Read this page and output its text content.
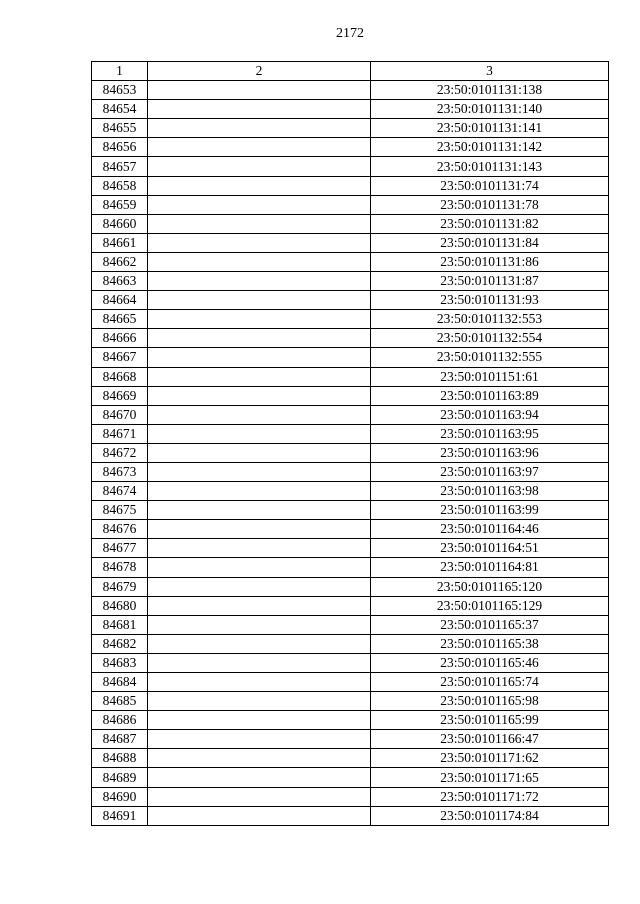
2172
1	2	3
84653		23:50:0101131:138
84654		23:50:0101131:140
84655		23:50:0101131:141
84656		23:50:0101131:142
84657		23:50:0101131:143
84658		23:50:0101131:74
84659		23:50:0101131:78
84660		23:50:0101131:82
84661		23:50:0101131:84
84662		23:50:0101131:86
84663		23:50:0101131:87
84664		23:50:0101131:93
84665		23:50:0101132:553
84666		23:50:0101132:554
84667		23:50:0101132:555
84668		23:50:0101151:61
84669		23:50:0101163:89
84670		23:50:0101163:94
84671		23:50:0101163:95
84672		23:50:0101163:96
84673		23:50:0101163:97
84674		23:50:0101163:98
84675		23:50:0101163:99
84676		23:50:0101164:46
84677		23:50:0101164:51
84678		23:50:0101164:81
84679		23:50:0101165:120
84680		23:50:0101165:129
84681		23:50:0101165:37
84682		23:50:0101165:38
84683		23:50:0101165:46
84684		23:50:0101165:74
84685		23:50:0101165:98
84686		23:50:0101165:99
84687		23:50:0101166:47
84688		23:50:0101171:62
84689		23:50:0101171:65
84690		23:50:0101171:72
84691		23:50:0101174:84
